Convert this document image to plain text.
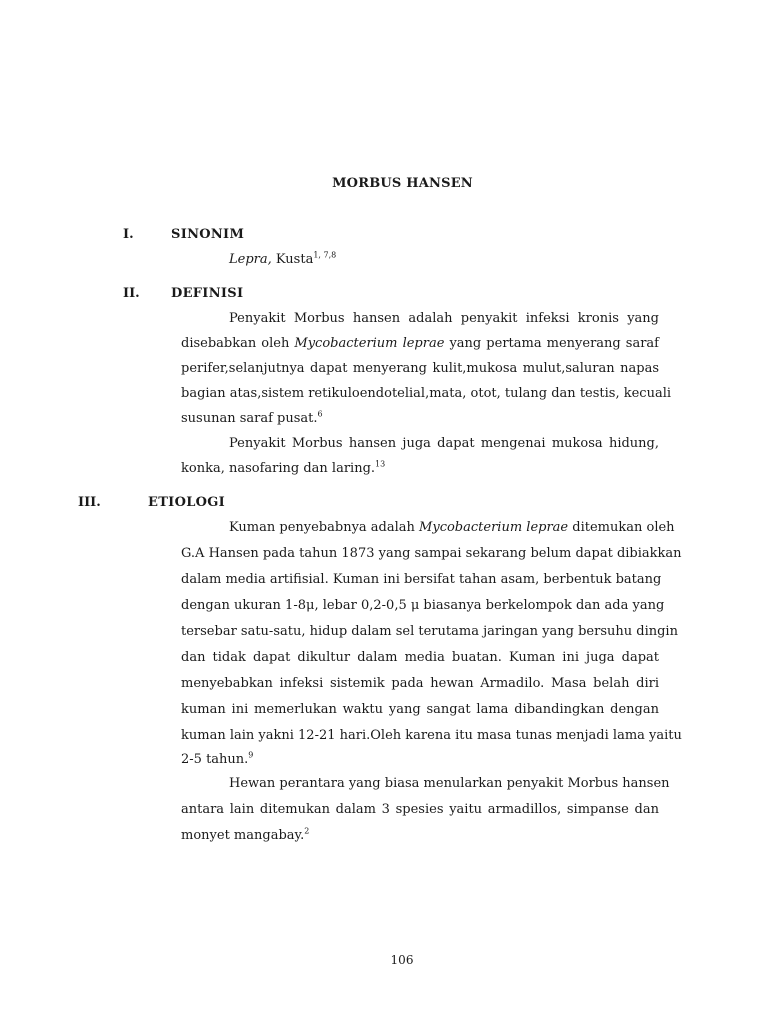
MORBUS HANSEN
I.	SINONIM
Lepra, Kusta$^{1, 7,8}$
II. DEFINISI
Penyakit Morbus hansen adalah penyakit infeksi kronis yang
disebabkan oleh Mycobacterium leprae yang pertama menyerang saraf
perifer,selanjutnya dapat menyerang kulit,mukosa mulut,saluran napas
bagian atas,sistem retikuloendotelial,mata, otot, tulang dan testis, kecuali
susunan saraf pusat.$^6$
Penyakit Morbus hansen juga dapat mengenai mukosa hidung,
konka, nasofaring dan laring.$^{13}$
III.	ETIOLOGI
Kuman penyebabnya adalah Mycobacterium leprae ditemukan oleh
G.A Hansen pada tahun 1873 yang sampai sekarang belum dapat dibiakkan
dalam media artifisial. Kuman ini bersifat tahan asam, berbentuk batang
dengan ukuran 1-8μ, lebar 0,2-0,5 μ biasanya berkelompok dan ada yang
tersebar satu-satu, hidup dalam sel terutama jaringan yang bersuhu dingin
dan tidak dapat dikultur dalam media buatan. Kuman ini juga dapat
menyebabkan infeksi sistemik pada hewan Armadilo. Masa belah diri
kuman ini memerlukan waktu yang sangat lama dibandingkan dengan
kuman lain yakni 12-21 hari.Oleh karena itu masa tunas menjadi lama yaitu
2-5 tahun.$^9$
Hewan perantara yang biasa menularkan penyakit Morbus hansen
antara lain ditemukan dalam 3 spesies yaitu armadillos, simpanse dan
monyet mangabay.$^2$
106
